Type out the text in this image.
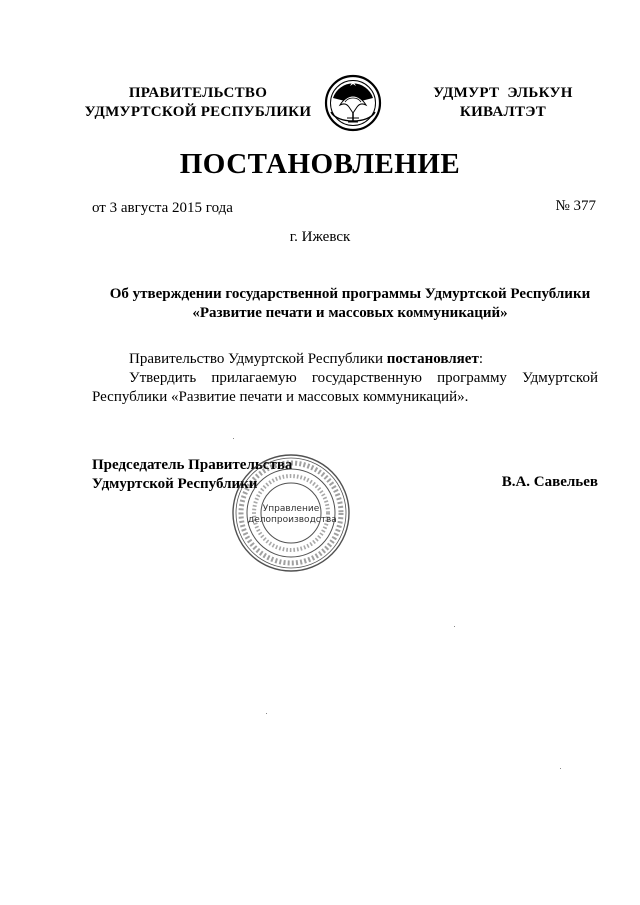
ПРАВИТЕЛЬСТВО
УДМУРТСКОЙ РЕСПУБЛИКИ
УДМУРТ ЭЛЬКУН
КИВАЛТЭТ
ПОСТАНОВЛЕНИЕ
от 3 августа 2015 года	№ 377
г. Ижевск
Об утверждении государственной программы Удмуртской Республики
«Развитие печати и массовых коммуникаций»
Правительство Удмуртской Республики постановляет:
Утвердить прилагаемую государственную программу Удмуртской
Республики «Развитие печати и массовых коммуникаций».
Председатель Правительства
Удмуртской Республики	В.А. Савельев
Управление
делопроизводства
